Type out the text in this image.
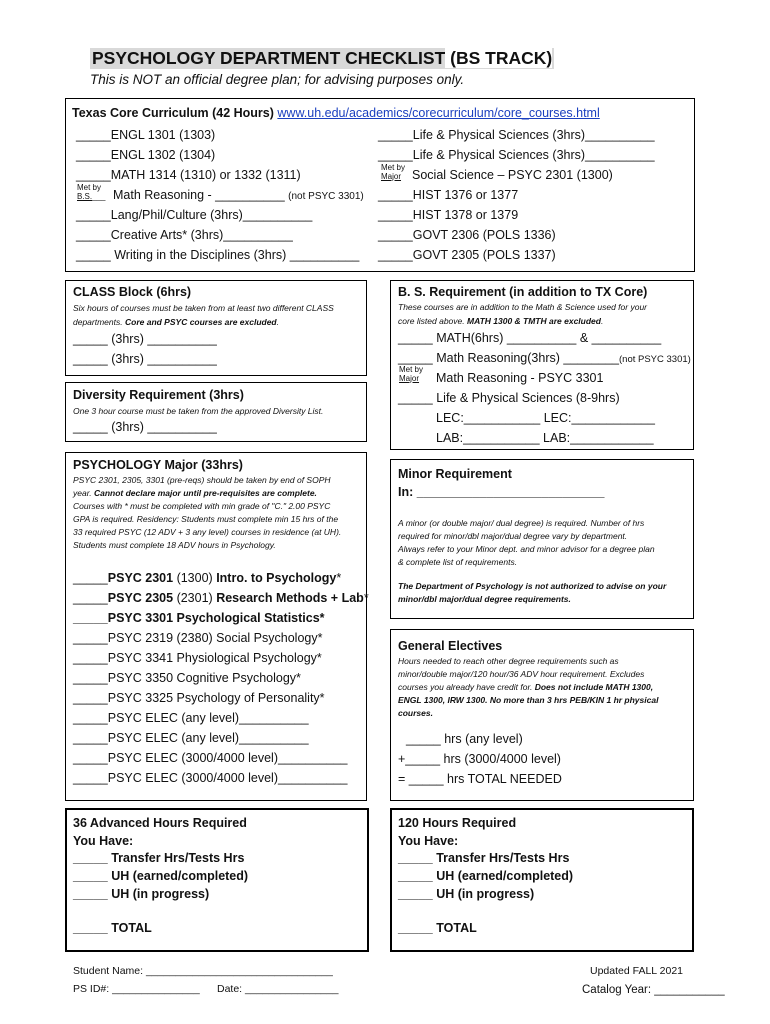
PSYCHOLOGY DEPARTMENT CHECKLIST (BS TRACK)
This is NOT an official degree plan; for advising purposes only.
Texas Core Curriculum (42 Hours) www.uh.edu/academics/corecurriculum/core_courses.html
_____ENGL 1301 (1303)
_____ENGL 1302 (1304)
_____MATH 1314 (1310) or 1332 (1311)
Met by
B.S.___ Math Reasoning - __________ (not PSYC 3301)
_____Lang/Phil/Culture (3hrs)__________
_____Creative Arts* (3hrs)__________
_____ Writing in the Disciplines (3hrs) __________
_____Life & Physical Sciences (3hrs)__________
_____Life & Physical Sciences (3hrs)__________
Met by
Major Social Science – PSYC 2301 (1300)
_____HIST 1376 or 1377
_____HIST 1378 or 1379
_____GOVT 2306 (POLS 1336)
_____GOVT 2305 (POLS 1337)
CLASS Block (6hrs)
Six hours of courses must be taken from at least two different CLASS
departments. Core and PSYC courses are excluded.
_____ (3hrs) __________
_____ (3hrs) __________
Diversity Requirement (3hrs)
One 3 hour course must be taken from the approved Diversity List.
_____ (3hrs) __________
PSYCHOLOGY Major (33hrs)
PSYC 2301, 2305, 3301 (pre-reqs) should be taken by end of SOPH
year. Cannot declare major until pre-requisites are complete.
Courses with * must be completed with min grade of "C." 2.00 PSYC
GPA is required. Residency: Students must complete min 15 hrs of the
33 required PSYC (12 ADV + 3 any level) courses in residence (at UH).
Students must complete 18 ADV hours in Psychology.
_____PSYC 2301 (1300) Intro. to Psychology*
_____PSYC 2305 (2301) Research Methods + Lab*
_____PSYC 3301 Psychological Statistics*
_____PSYC 2319 (2380) Social Psychology*
_____PSYC 3341 Physiological Psychology*
_____PSYC 3350 Cognitive Psychology*
_____PSYC 3325 Psychology of Personality*
_____PSYC ELEC (any level)__________
_____PSYC ELEC (any level)__________
_____PSYC ELEC (3000/4000 level)__________
_____PSYC ELEC (3000/4000 level)__________
B. S. Requirement (in addition to TX Core)
These courses are in addition to the Math & Science used for your
core listed above. MATH 1300 & TMTH are excluded.
_____ MATH(6hrs) __________ & __________
_____ Math Reasoning(3hrs) ________(not PSYC 3301)
Met by
Major	Math Reasoning - PSYC 3301
_____ Life & Physical Sciences (8-9hrs)
LEC:___________ LEC:____________
LAB:___________ LAB:____________
Minor Requirement
In: ___________________________
A minor (or double major/ dual degree) is required. Number of hrs
required for minor/dbl major/dual degree vary by department.
Always refer to your Minor dept. and minor advisor for a degree plan
& complete list of requirements.
The Department of Psychology is not authorized to advise on your
minor/dbl major/dual degree requirements.
General Electives
Hours needed to reach other degree requirements such as
minor/double major/120 hour/36 ADV hour requirement. Excludes
courses you already have credit for. Does not include MATH 1300,
ENGL 1300, IRW 1300. No more than 3 hrs PEB/KIN 1 hr physical
courses.
_____ hrs (any level)
+_____ hrs (3000/4000 level)
= _____ hrs TOTAL NEEDED
36 Advanced Hours Required
You Have:
_____ Transfer Hrs/Tests Hrs
_____ UH (earned/completed)
_____ UH (in progress)
_____ TOTAL
120 Hours Required
You Have:
_____ Transfer Hrs/Tests Hrs
_____ UH (earned/completed)
_____ UH (in progress)
_____ TOTAL
Student Name: ________________________________
PS ID#: _______________ Date: ________________
Updated FALL 2021
Catalog Year: ___________
